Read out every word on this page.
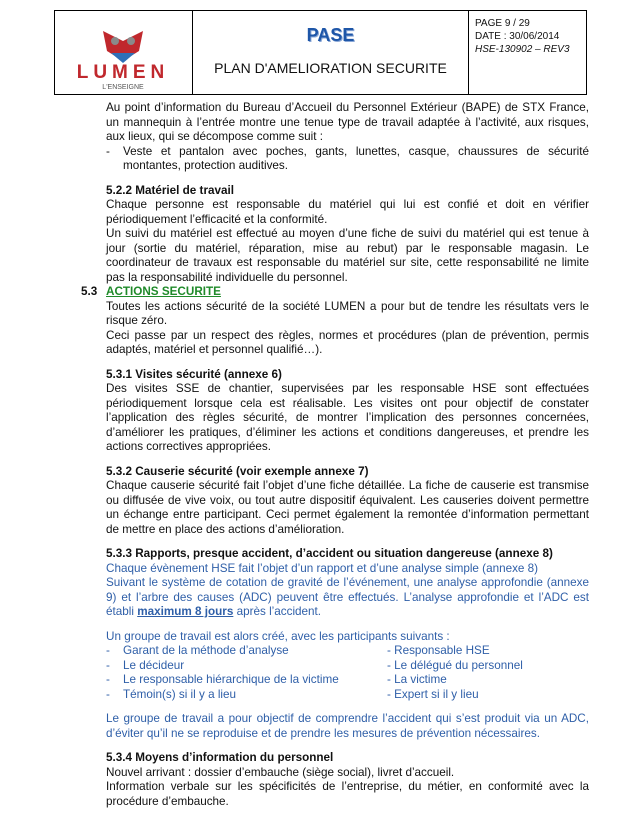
LUMEN
L'ENSEIGNE
PASE
PLAN D'AMELIORATION SECURITE
PAGE 9 / 29
DATE : 30/06/2014
HSE-130902 – REV3

Au point d’information du Bureau d’Accueil du Personnel Extérieur (BAPE) de STX France, un mannequin à l’entrée montre une tenue type de travail adaptée à l’activité, aux risques, aux lieux, qui se décompose comme suit :

-	Veste et pantalon avec poches, gants, lunettes, casque, chaussures de sécurité montantes, protection auditives.

5.2.2 Matériel de travail

Chaque personne est responsable du matériel qui lui est confié et doit en vérifier périodiquement l’efficacité et la conformité.

Un suivi du matériel est effectué au moyen d’une fiche de suivi du matériel qui est tenue à jour (sortie du matériel, réparation, mise au rebut) par le responsable magasin. Le coordinateur de travaux est responsable du matériel sur site, cette responsabilité ne limite pas la responsabilité individuelle du personnel.

5.3 ACTIONS SECURITE

Toutes les actions sécurité de la société LUMEN a pour but de tendre les résultats vers le risque zéro.

Ceci passe par un respect des règles, normes et procédures (plan de prévention, permis adaptés, matériel et personnel qualifié…).

5.3.1 Visites sécurité (annexe 6)

Des visites SSE de chantier, supervisées par les responsable HSE sont effectuées périodiquement lorsque cela est réalisable. Les visites ont pour objectif de constater l’application des règles sécurité, de montrer l’implication des personnes concernées, d’améliorer les pratiques, d’éliminer les actions et conditions dangereuses, et prendre les actions correctives appropriées.

5.3.2 Causerie sécurité (voir exemple annexe 7)

Chaque causerie sécurité fait l’objet d’une fiche détaillée. La fiche de causerie est transmise ou diffusée de vive voix, ou tout autre dispositif équivalent. Les causeries doivent permettre un échange entre participant. Ceci permet également la remontée d’information permettant de mettre en place des actions d’amélioration.

5.3.3 Rapports, presque accident, d’accident ou situation dangereuse (annexe 8)

Chaque évènement HSE fait l’objet d’un rapport et d’une analyse simple (annexe 8)

Suivant le système de cotation de gravité de l’événement, une analyse approfondie (annexe 9) et l’arbre des causes (ADC) peuvent être effectués. L’analyse approfondie et l’ADC est établi maximum 8 jours après l’accident.

Un groupe de travail est alors créé, avec les participants suivants :

-	Garant de la méthode d’analyse	- Responsable HSE
-	Le décideur	- Le délégué du personnel
-	Le responsable hiérarchique de la victime	- La victime
-	Témoin(s) si il y a lieu	- Expert si il y lieu

Le groupe de travail a pour objectif de comprendre l’accident qui s’est produit via un ADC, d’éviter qu’il ne se reproduise et de prendre les mesures de prévention nécessaires.

5.3.4 Moyens d’information du personnel

Nouvel arrivant : dossier d’embauche (siège social), livret d’accueil.

Information verbale sur les spécificités de l’entreprise, du métier, en conformité avec la procédure d’embauche.
